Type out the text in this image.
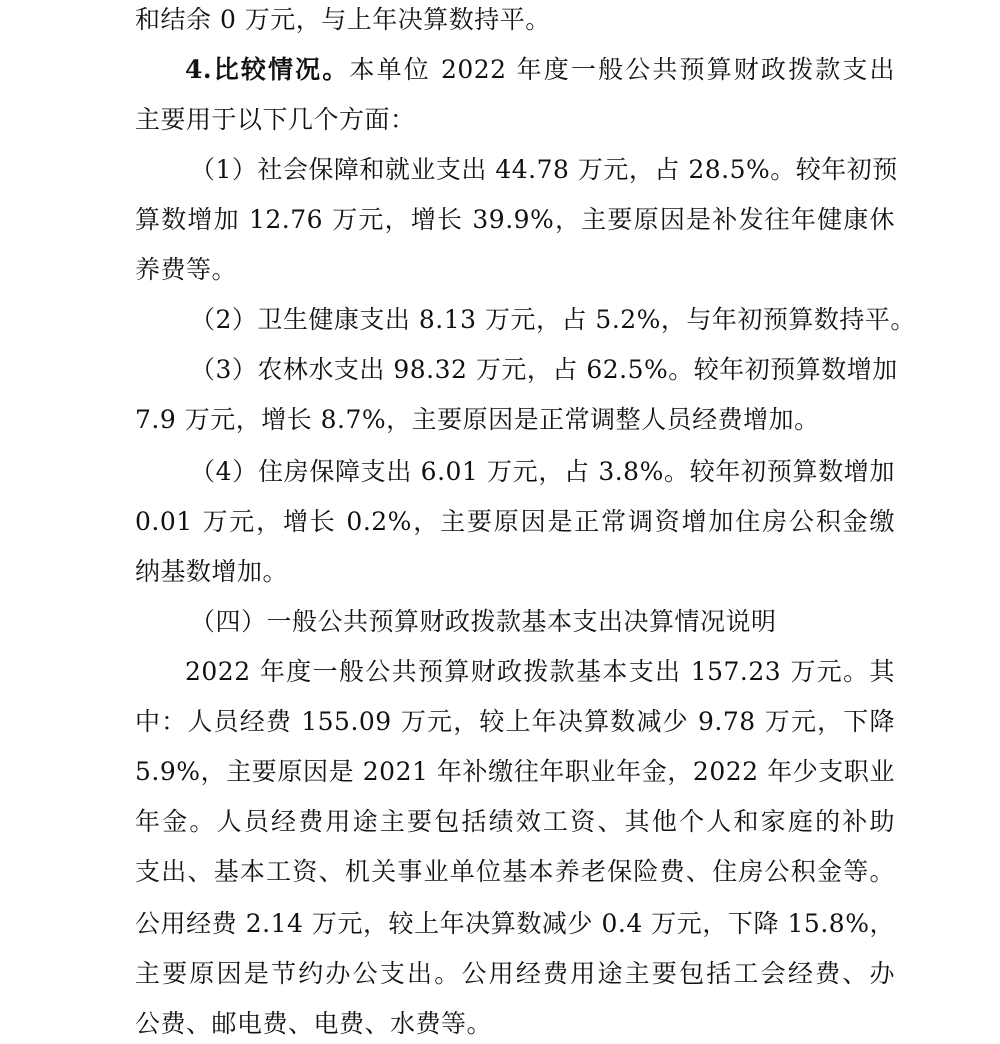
和结余 0 万元，与上年决算数持平。
4.比较情况。本单位 2022 年度一般公共预算财政拨款支出
主要用于以下几个方面：
（1）社会保障和就业支出 44.78 万元，占 28.5%。较年初预
算数增加 12.76 万元，增长 39.9%，主要原因是补发往年健康休
养费等。
（2）卫生健康支出 8.13 万元，占 5.2%，与年初预算数持平。
（3）农林水支出 98.32 万元，占 62.5%。较年初预算数增加
7.9 万元，增长 8.7%，主要原因是正常调整人员经费增加。
（4）住房保障支出 6.01 万元，占 3.8%。较年初预算数增加
0.01 万元，增长 0.2%，主要原因是正常调资增加住房公积金缴
纳基数增加。
（四）一般公共预算财政拨款基本支出决算情况说明
2022 年度一般公共预算财政拨款基本支出 157.23 万元。其
中：人员经费 155.09 万元，较上年决算数减少 9.78 万元，下降
5.9%，主要原因是 2021 年补缴往年职业年金，2022 年少支职业
年金。人员经费用途主要包括绩效工资、其他个人和家庭的补助
支出、基本工资、机关事业单位基本养老保险费、住房公积金等。
公用经费 2.14 万元，较上年决算数减少 0.4 万元，下降 15.8%，
主要原因是节约办公支出。公用经费用途主要包括工会经费、办
公费、邮电费、电费、水费等。
